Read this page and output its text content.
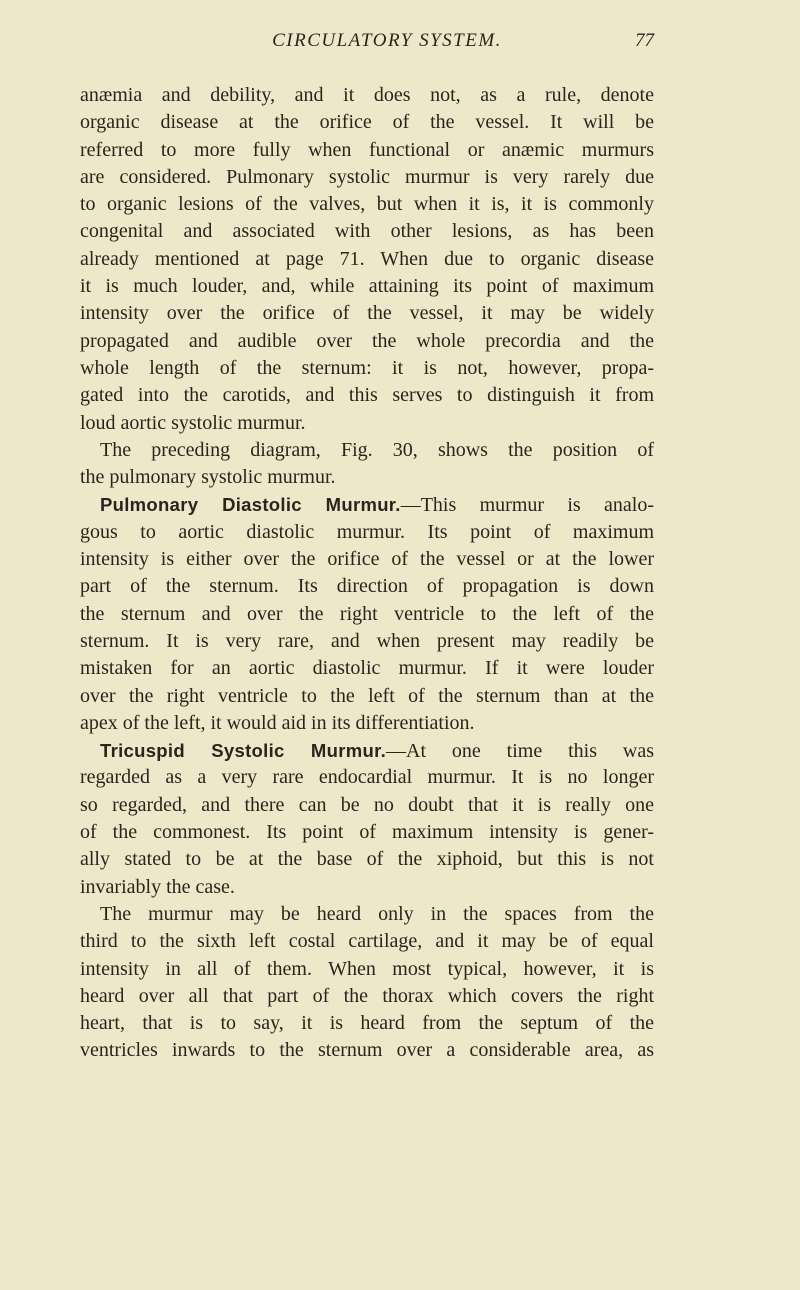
CIRCULATORY SYSTEM.	77
anæmia and debility, and it does not, as a rule, denote
organic disease at the orifice of the vessel. It will be
referred to more fully when functional or anæmic murmurs
are considered. Pulmonary systolic murmur is very rarely due
to organic lesions of the valves, but when it is, it is commonly
congenital and associated with other lesions, as has been
already mentioned at page 71. When due to organic disease
it is much louder, and, while attaining its point of maximum
intensity over the orifice of the vessel, it may be widely
propagated and audible over the whole precordia and the
whole length of the sternum: it is not, however, propa-
gated into the carotids, and this serves to distinguish it from
loud aortic systolic murmur.
The preceding diagram, Fig. 30, shows the position of
the pulmonary systolic murmur.
Pulmonary Diastolic Murmur.—This murmur is analo-
gous to aortic diastolic murmur. Its point of maximum
intensity is either over the orifice of the vessel or at the lower
part of the sternum. Its direction of propagation is down
the sternum and over the right ventricle to the left of the
sternum. It is very rare, and when present may readily be
mistaken for an aortic diastolic murmur. If it were louder
over the right ventricle to the left of the sternum than at the
apex of the left, it would aid in its differentiation.
Tricuspid Systolic Murmur.—At one time this was
regarded as a very rare endocardial murmur. It is no longer
so regarded, and there can be no doubt that it is really one
of the commonest. Its point of maximum intensity is gener-
ally stated to be at the base of the xiphoid, but this is not
invariably the case.
The murmur may be heard only in the spaces from the
third to the sixth left costal cartilage, and it may be of equal
intensity in all of them. When most typical, however, it is
heard over all that part of the thorax which covers the right
heart, that is to say, it is heard from the septum of the
ventricles inwards to the sternum over a considerable area, as
